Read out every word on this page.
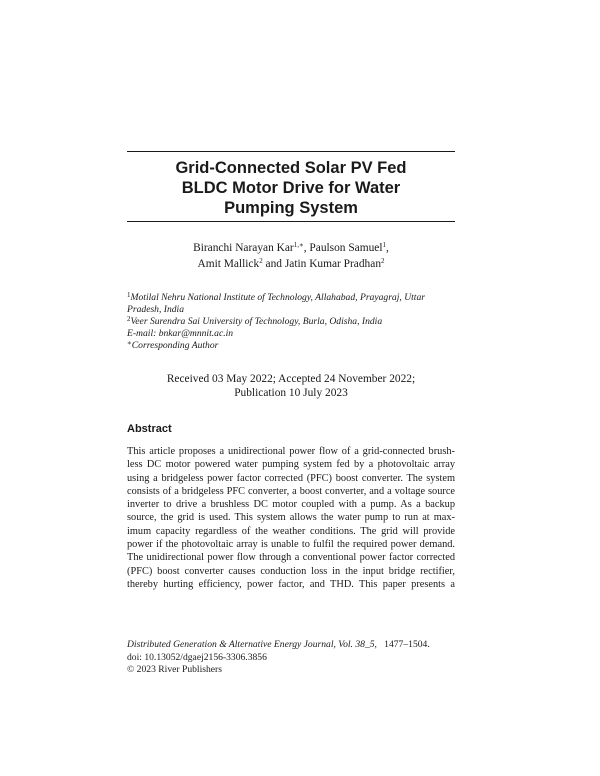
Grid-Connected Solar PV Fed
BLDC Motor Drive for Water
Pumping System
Biranchi Narayan Kar$^{1,∗}$, Paulson Samuel$^1$,
Amit Mallick$^2$ and Jatin Kumar Pradhan$^2$
$^1$Motilal Nehru National Institute of Technology, Allahabad, Prayagraj, Uttar
Pradesh, India
$^2$Veer Surendra Sai University of Technology, Burla, Odisha, India
E-mail: bnkar@mnnit.ac.in
∗Corresponding Author
Received 03 May 2022; Accepted 24 November 2022;
Publication 10 July 2023
Abstract
This article proposes a unidirectional power flow of a grid-connected brush-
less DC motor powered water pumping system fed by a photovoltaic array
using a bridgeless power factor corrected (PFC) boost converter. The system
consists of a bridgeless PFC converter, a boost converter, and a voltage source
inverter to drive a brushless DC motor coupled with a pump. As a backup
source, the grid is used. This system allows the water pump to run at max-
imum capacity regardless of the weather conditions. The grid will provide
power if the photovoltaic array is unable to fulfil the required power demand.
The unidirectional power flow through a conventional power factor corrected
(PFC) boost converter causes conduction loss in the input bridge rectifier,
thereby hurting efficiency, power factor, and THD. This paper presents a
Distributed Generation & Alternative Energy Journal, Vol. 38_5, 1477–1504.
doi: 10.13052/dgaej2156-3306.3856
© 2023 River Publishers
